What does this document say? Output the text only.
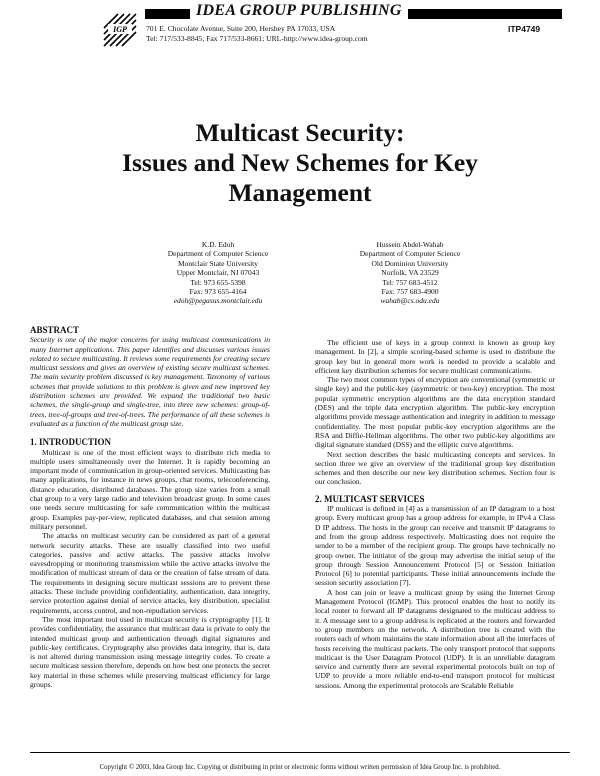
IGP
IDEA GROUP PUBLISHING
701 E. Chocolate Avenue, Suite 200, Hershey PA 17033, USA
Tel: 717/533-8845; Fax 717/533-8661; URL-http://www.idea-group.com
ITP4749
Multicast Security:
Issues and New Schemes for Key
Management
K.D. Edoh
Department of Computer Science
Montclair State University
Upper Montclair, NJ 07043
Tel: 973 655-5398
Fax: 973 655-4164
edoh@pegasus.montclair.edu
Hussein Abdel-Wahab
Department of Computer Science
Old Dominion University
Norfolk, VA 23529
Tel: 757 683-4512
Fax: 757 683-4900
wahab@cs.odu.edu
ABSTRACT

Security is one of the major concerns for using multicast communications in many Internet applications. This paper identifies and discusses various issues related to secure multicasting. It reviews some requirements for creating secure multicast sessions and gives an overview of existing secure multicast schemes. The main security problem discussed is key management. Taxonomy of various schemes that provide solutions to this problem is given and new improved key distribution schemes are provided. We expand the traditional two basic schemes, the single-group and single-tree, into three new schemes: group-of-trees, tree-of-groups and tree-of-trees. The performance of all these schemes is evaluated as a function of the multicast group size.

1. INTRODUCTION

Multicast is one of the most efficient ways to distribute rich media to multiple users simultaneously over the Internet. It is rapidly becoming an important mode of communication in group-oriented services. Multicasting has many applications, for instance in news groups, chat rooms, teleconferencing, distance education, distributed databases. The group size varies from a small chat group to a very large radio and television broadcast group. In some cases one needs secure multicasting for safe communication within the multicast group. Examples pay-per-view, replicated databases, and chat session among military personnel.

The attacks on multicast security can be considered as part of a general network security attacks. These are usually classified into two useful categories, passive and active attacks. The passive attacks involve eavesdropping or monitoring transmission while the active attacks involve the modification of multicast stream of data or the creation of false stream of data. The requirements in designing secure multicast sessions are to prevent these attacks. These include providing confidentiality, authentication, data integrity, service protection against denial of service attacks, key distribution, specialist requirements, access control, and non-repudiation services.

The most important tool used in multicast security is cryptography [1]. It provides confidentiality, the assurance that multicast data is private to only the intended multicast group and authentication through digital signatures and public-key certificates. Cryptography also provides data integrity, that is, data is not altered during transmission using message integrity codes. To create a secure multicast session therefore, depends on how best one protects the secret key material in these schemes while preserving multicast efficiency for large groups.

The efficient use of keys in a group context is known as group key management. In [2], a simple scoring-based scheme is used to distribute the group key but in general more work is needed to provide a scalable and efficient key distribution schemes for secure multicast communications.

The two most common types of encryption are conventional (symmetric or single key) and the public-key (asymmetric or two-key) encryption. The most popular symmetric encryption algorithms are the data encryption standard (DES) and the triple data encryption algorithm. The public-key encryption algorithms provide message authentication and integrity in addition to message confidentiality. The most popular public-key encryption algorithms are the RSA and Diffie-Hellman algorithms. The other two public-key algorithms are digital signature standard (DSS) and the elliptic curve algorithms.

Next section describes the basic multicasting concepts and services. In section three we give an overview of the traditional group key distribution schemes and then describe our new key distribution schemes. Section four is our conclusion.

2. MULTICAST SERVICES

IP multicast is defined in [4] as a transmission of an IP datagram to a host group. Every multicast group has a group address for example, in IPv4 a Class D IP address. The hosts in the group can receive and transmit IP datagrams to and from the group address respectively. Multicasting does not require the sender to be a member of the recipient group. The groups have technically no group owner. The initiator of the group may advertise the initial setup of the group through Session Announcement Protocol [5] or Session Initiation Protocol [6] to potential participants. These initial announcements include the session security association [7].

A host can join or leave a multicast group by using the Internet Group Management Protocol (IGMP). This protocol enables the host to notify its local router to forward all IP datagrams designated to the multicast address to it. A message sent to a group address is replicated at the routers and forwarded to group members on the network. A distribution tree is created with the routers each of whom maintains the state information about all the interfaces of hosts receiving the multicast packets. The only transport protocol that supports multicast is the User Datagram Protocol (UDP). It is an unreliable datagram service and currently there are several experimental protocols built on top of UDP to provide a more reliable end-to-end transport protocol for multicast sessions. Among the experimental protocols are Scalable Reliable

Copyright © 2003, Idea Group Inc. Copying or distributing in print or electronic forms without written permission of Idea Group Inc. is prohibited.
